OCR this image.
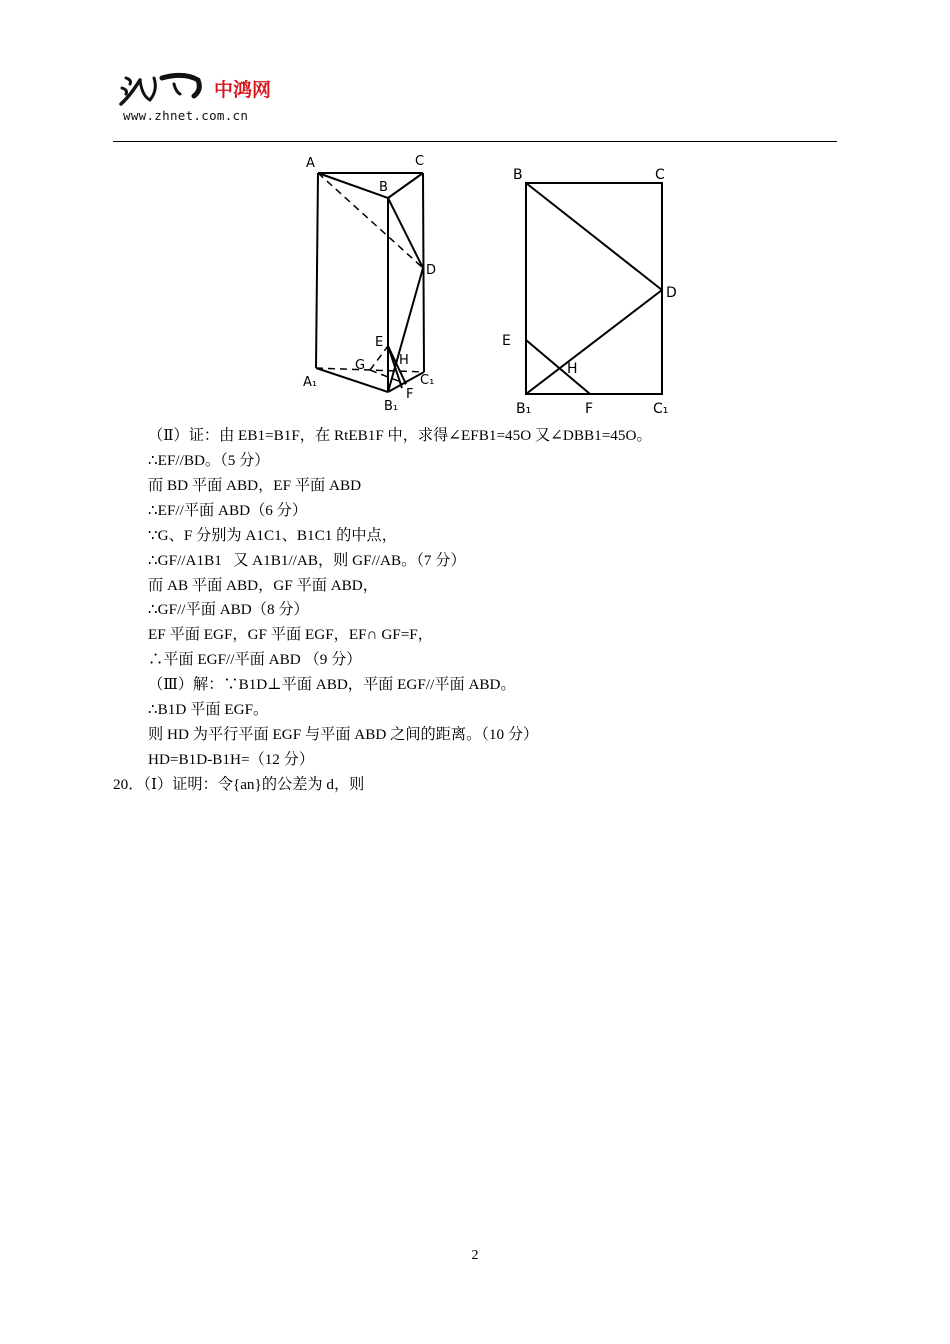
中鸿网
www.zhnet.com.cn
A	C
B
D
E
H
G
A₁	C₁
F
B₁
B	C
D
E
H
B₁	F	C₁
（Ⅱ）证：由 EB1=B1F，在 RtEB1F 中，求得∠EFB1=45O 又∠DBB1=45O。
∴EF//BD。（5 分）
而 BD 平面 ABD，EF 平面 ABD
∴EF//平面 ABD（6 分）
∵G、F 分别为 A1C1、B1C1 的中点，
∴GF//A1B1   又 A1B1//AB，则 GF//AB。（7 分）
而 AB 平面 ABD，GF 平面 ABD，
∴GF//平面 ABD（8 分）
EF 平面 EGF，GF 平面 EGF，EF∩ GF=F，
∴平面 EGF//平面 ABD （9 分）
（Ⅲ）解：∵B1D⊥平面 ABD，平面 EGF//平面 ABD。
∴B1D 平面 EGF。
则 HD 为平行平面 EGF 与平面 ABD 之间的距离。（10 分）
HD=B1D-B1H=（12 分）
20．（Ⅰ）证明：令{an}的公差为 d，则
2
